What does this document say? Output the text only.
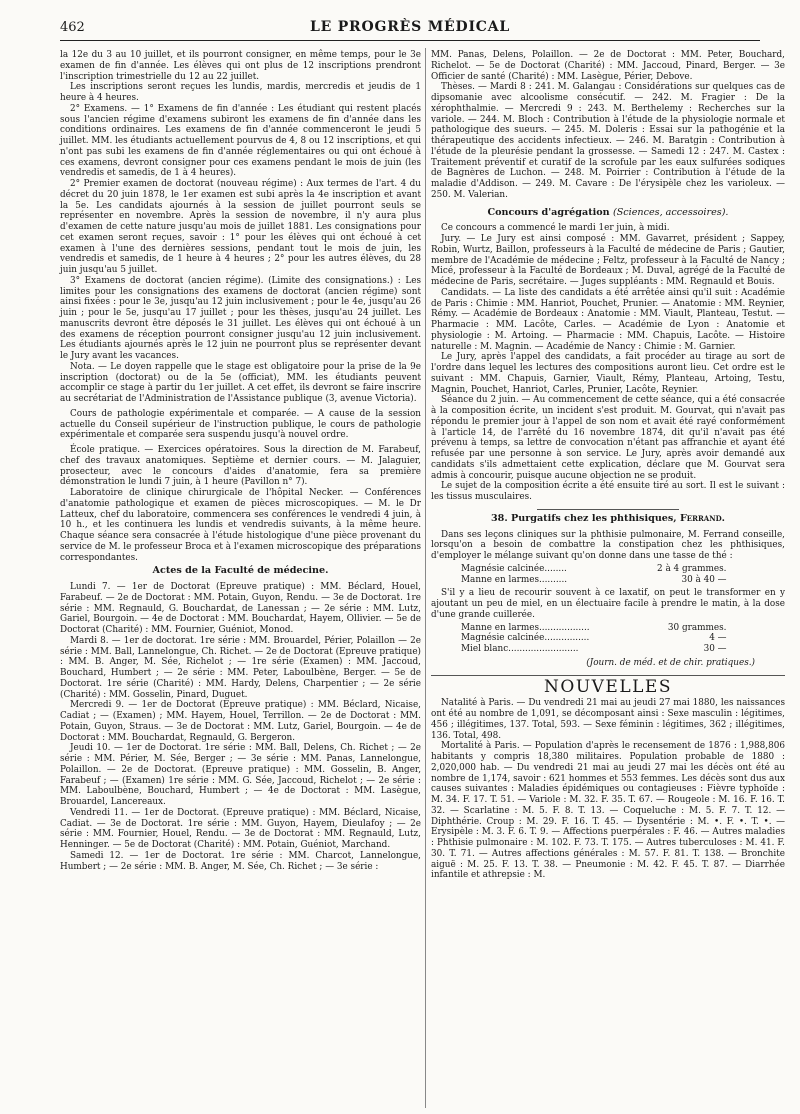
462	LE PROGRÈS MÉDICAL

la 12e du 3 au 10 juillet, et ils pourront consigner, en même temps, pour le 3e examen de fin d'année. Les élèves qui ont plus de 12 inscriptions prendront l'inscription trimestrielle du 12 au 22 juillet.

Les inscriptions seront reçues les lundis, mardis, mercredis et jeudis de 1 heure à 4 heures.

2° Examens. — 1° Examens de fin d'année : Les étudiant qui restent placés sous l'ancien régime d'examens subiront les examens de fin d'année dans les conditions ordinaires. Les examens de fin d'année commenceront le jeudi 5 juillet. MM. les étudiants actuellement pourvus de 4, 8 ou 12 inscriptions, et qui n'ont pas subi les examens de fin d'année réglementaires ou qui ont échoué à ces examens, devront consigner pour ces examens pendant le mois de juin (les vendredis et samedis, de 1 à 4 heures).

2° Premier examen de doctorat (nouveau régime) : Aux termes de l'art. 4 du décret du 20 juin 1878, le 1er examen est subi après la 4e inscription et avant la 5e. Les candidats ajournés à la session de juillet pourront seuls se représenter en novembre. Après la session de novembre, il n'y aura plus d'examen de cette nature jusqu'au mois de juillet 1881. Les consignations pour cet examen seront reçues, savoir : 1° pour les élèves qui ont échoué à cet examen à l'une des dernières sessions, pendant tout le mois de juin, les vendredis et samedis, de 1 heure à 4 heures ; 2° pour les autres élèves, du 28 juin jusqu'au 5 juillet.

3° Examens de doctorat (ancien régime). (Limite des consignations.) : Les limites pour les consignations des examens de doctorat (ancien régime) sont ainsi fixées : pour le 3e, jusqu'au 12 juin inclusivement ; pour le 4e, jusqu'au 26 juin ; pour le 5e, jusqu'au 17 juillet ; pour les thèses, jusqu'au 24 juillet. Les manuscrits devront être déposés le 31 juillet. Les élèves qui ont échoué à un des examens de réception pourront consigner jusqu'au 12 juin inclusivement. Les étudiants ajournés après le 12 juin ne pourront plus se représenter devant le Jury avant les vacances.

Nota. — Le doyen rappelle que le stage est obligatoire pour la prise de la 9e inscription (doctorat) ou de la 5e (officiat), MM. les étudiants peuvent accomplir ce stage à partir du 1er juillet. A cet effet, ils devront se faire inscrire au secrétariat de l'Administration de l'Assistance publique (3, avenue Victoria).

Cours de pathologie expérimentale et comparée. — A cause de la session actuelle du Conseil supérieur de l'instruction publique, le cours de pathologie expérimentale et comparée sera suspendu jusqu'à nouvel ordre.

École pratique. — Exercices opératoires. Sous la direction de M. Farabeuf, chef des travaux anatomiques. Septième et dernier cours. — M. Jalaguier, prosecteur, avec le concours d'aides d'anatomie, fera sa première démonstration le lundi 7 juin, à 1 heure (Pavillon n° 7).

Laboratoire de clinique chirurgicale de l'hôpital Necker. — Conférences d'anatomie pathologique et examen de pièces microscopiques. — M. le Dr Latteux, chef du laboratoire, commencera ses conférences le vendredi 4 juin, à 10 h., et les continuera les lundis et vendredis suivants, à la même heure. Chaque séance sera consacrée à l'étude histologique d'une pièce provenant du service de M. le professeur Broca et à l'examen microscopique des préparations correspondantes.

Actes de la Faculté de médecine.

Lundi 7. — 1er de Doctorat (Epreuve pratique) : MM. Béclard, Houel, Farabeuf. — 2e de Doctorat : MM. Potain, Guyon, Rendu. — 3e de Doctorat. 1re série : MM. Regnauld, G. Bouchardat, de Lanessan ; — 2e série : MM. Lutz, Gariel, Bourgoin. — 4e de Doctorat : MM. Bouchardat, Hayem, Ollivier. — 5e de Doctorat (Charité) : MM. Fournier, Guéniot, Monod.

Mardi 8. — 1er de doctorat. 1re série : MM. Brouardel, Périer, Polaillon — 2e série : MM. Ball, Lannelongue, Ch. Richet. — 2e de Doctorat (Epreuve pratique) : MM. B. Anger, M. Sée, Richelot ; — 1re série (Examen) : MM. Jaccoud, Bouchard, Humbert ; — 2e série : MM. Peter, Laboulbène, Berger. — 5e de Doctorat. 1re série (Charité) : MM. Hardy, Delens, Charpentier ; — 2e série (Charité) : MM. Gosselin, Pinard, Duguet.

Mercredi 9. — 1er de Doctorat (Epreuve pratique) : MM. Béclard, Nicaise, Cadiat ; — (Examen) ; MM. Hayem, Houel, Terrillon. — 2e de Doctorat : MM. Potain, Guyon, Straus. — 3e de Doctorat : MM. Lutz, Gariel, Bourgoin. — 4e de Doctorat : MM. Bouchardat, Regnauld, G. Bergeron.

Jeudi 10. — 1er de Doctorat. 1re série : MM. Ball, Delens, Ch. Richet ; — 2e série : MM. Périer, M. Sée, Berger ; — 3e série : MM. Panas, Lannelongue, Polaillon. — 2e de Doctorat. (Epreuve pratique) : MM. Gosselin, B. Anger, Farabeuf ; — (Examen) 1re série : MM. G. Sée, Jaccoud, Richelot ; — 2e série : MM. Laboulbène, Bouchard, Humbert ; — 4e de Doctorat : MM. Lasègue, Brouardel, Lancereaux.

Vendredi 11. — 1er de Doctorat. (Epreuve pratique) : MM. Béclard, Nicaise, Cadiat. — 3e de Doctorat. 1re série : MM. Guyon, Hayem, Dieulafoy ; — 2e série : MM. Fournier, Houel, Rendu. — 3e de Doctorat : MM. Regnauld, Lutz, Henninger. — 5e de Doctorat (Charité) : MM. Potain, Guéniot, Marchand.

Samedi 12. — 1er de Doctorat. 1re série : MM. Charcot, Lannelongue, Humbert ; — 2e série : MM. B. Anger, M. Sée, Ch. Richet ; — 3e série :

MM. Panas, Delens, Polaillon. — 2e de Doctorat : MM. Peter, Bouchard, Richelot. — 5e de Doctorat (Charité) : MM. Jaccoud, Pinard, Berger. — 3e Officier de santé (Charité) : MM. Lasègue, Périer, Debove.

Thèses. — Mardi 8 : 241. M. Galangau : Considérations sur quelques cas de dipsomanie avec alcoolisme consécutif. — 242. M. Fragier : De la xérophthalmie. — Mercredi 9 : 243. M. Berthelemy : Recherches sur la variole. — 244. M. Bloch : Contribution à l'étude de la physiologie normale et pathologique des sueurs. — 245. M. Doleris : Essai sur la pathogénie et la thérapeutique des accidents infectieux. — 246. M. Baratgin : Contribution à l'étude de la pleurésie pendant la grossesse. — Samedi 12 : 247. M. Castex : Traitement préventif et curatif de la scrofule par les eaux sulfurées sodiques de Bagnères de Luchon. — 248. M. Poirrier : Contribution à l'étude de la maladie d'Addison. — 249. M. Cavare : De l'érysipèle chez les varioleux. — 250. M. Valerian.

Concours d'agrégation (Sciences, accessoires).

Ce concours a commencé le mardi 1er juin, à midi.

Jury. — Le Jury est ainsi composé : MM. Gavarret, président ; Sappey, Robin, Wurtz, Baillon, professeurs à la Faculté de médecine de Paris ; Gautier, membre de l'Académie de médecine ; Feltz, professeur à la Faculté de Nancy ; Micé, professeur à la Faculté de Bordeaux ; M. Duval, agrégé de la Faculté de médecine de Paris, secrétaire. — Juges suppléants : MM. Regnauld et Bouis.

Candidats. — La liste des candidats a été arrêtée ainsi qu'il suit : Académie de Paris : Chimie : MM. Hanriot, Pouchet, Prunier. — Anatomie : MM. Reynier, Rémy. — Académie de Bordeaux : Anatomie : MM. Viault, Planteau, Testut. — Pharmacie : MM. Lacôte, Carles. — Académie de Lyon : Anatomie et physiologie : M. Artoing. — Pharmacie : MM. Chapuis, Lacôte. — Histoire naturelle : M. Magnin. — Académie de Nancy : Chimie : M. Garnier.

Le Jury, après l'appel des candidats, a fait procéder au tirage au sort de l'ordre dans lequel les lectures des compositions auront lieu. Cet ordre est le suivant : MM. Chapuis, Garnier, Viault, Rémy, Planteau, Artoing, Testu, Magnin, Pouchet, Hanriot, Carles, Prunier, Lacôte, Reynier.

Séance du 2 juin. — Au commencement de cette séance, qui a été consacrée à la composition écrite, un incident s'est produit. M. Gourvat, qui n'avait pas répondu le premier jour à l'appel de son nom et avait été rayé conformément à l'article 14, de l'arrêté du 16 novembre 1874, dit qu'il n'avait pas été prévenu à temps, sa lettre de convocation n'étant pas affranchie et ayant été refusée par une personne à son service. Le Jury, après avoir demandé aux candidats s'ils admettaient cette explication, déclare que M. Gourvat sera admis à concourir, puisque aucune objection ne se produit.

Le sujet de la composition écrite a été ensuite tiré au sort. Il est le suivant : les tissus musculaires.

38. Purgatifs chez les phthisiques, Ferrand.

Dans ses leçons cliniques sur la phthisie pulmonaire, M. Ferrand conseille, lorsqu'on a besoin de combattre la constipation chez les phthisiques, d'employer le mélange suivant qu'on donne dans une tasse de thé :

Magnésie calcinée........	2 à 4 grammes.
Manne en larmes..........	30 à 40 —

S'il y a lieu de recourir souvent à ce laxatif, on peut le transformer en y ajoutant un peu de miel, en un électuaire facile à prendre le matin, à la dose d'une grande cuillerée.

Manne en larmes..................	30 grammes.
Magnésie calcinée................	4 —
Miel blanc.........................	30 —
(Journ. de méd. et de chir. pratiques.)
NOUVELLES

Natalité à Paris. — Du vendredi 21 mai au jeudi 27 mai 1880, les naissances ont été au nombre de 1,091, se décomposant ainsi : Sexe masculin : légitimes, 456 ; illégitimes, 137. Total, 593. — Sexe féminin : légitimes, 362 ; illégitimes, 136. Total, 498.

Mortalité à Paris. — Population d'après le recensement de 1876 : 1,988,806 habitants y compris 18,380 militaires. Population probable de 1880 : 2,020,000 hab. — Du vendredi 21 mai au jeudi 27 mai les décès ont été au nombre de 1,174, savoir : 621 hommes et 553 femmes. Les décès sont dus aux causes suivantes : Maladies épidémiques ou contagieuses : Fièvre typhoïde : M. 34. F. 17. T. 51. — Variole : M. 32. F. 35. T. 67. — Rougeole : M. 16. F. 16. T. 32. — Scarlatine : M. 5. F. 8. T. 13. — Coqueluche : M. 5. F. 7. T. 12. — Diphthérie. Croup : M. 29. F. 16. T. 45. — Dysentérie : M. •. F. •. T. •. — Erysipèle : M. 3. F. 6. T. 9. — Affections puerpérales : F. 46. — Autres maladies : Phthisie pulmonaire : M. 102. F. 73. T. 175. — Autres tuberculoses : M. 41. F. 30. T. 71. — Autres affections générales : M. 57. F. 81. T. 138. — Bronchite aiguë : M. 25. F. 13. T. 38. — Pneumonie : M. 42. F. 45. T. 87. — Diarrhée infantile et athrepsie : M.
